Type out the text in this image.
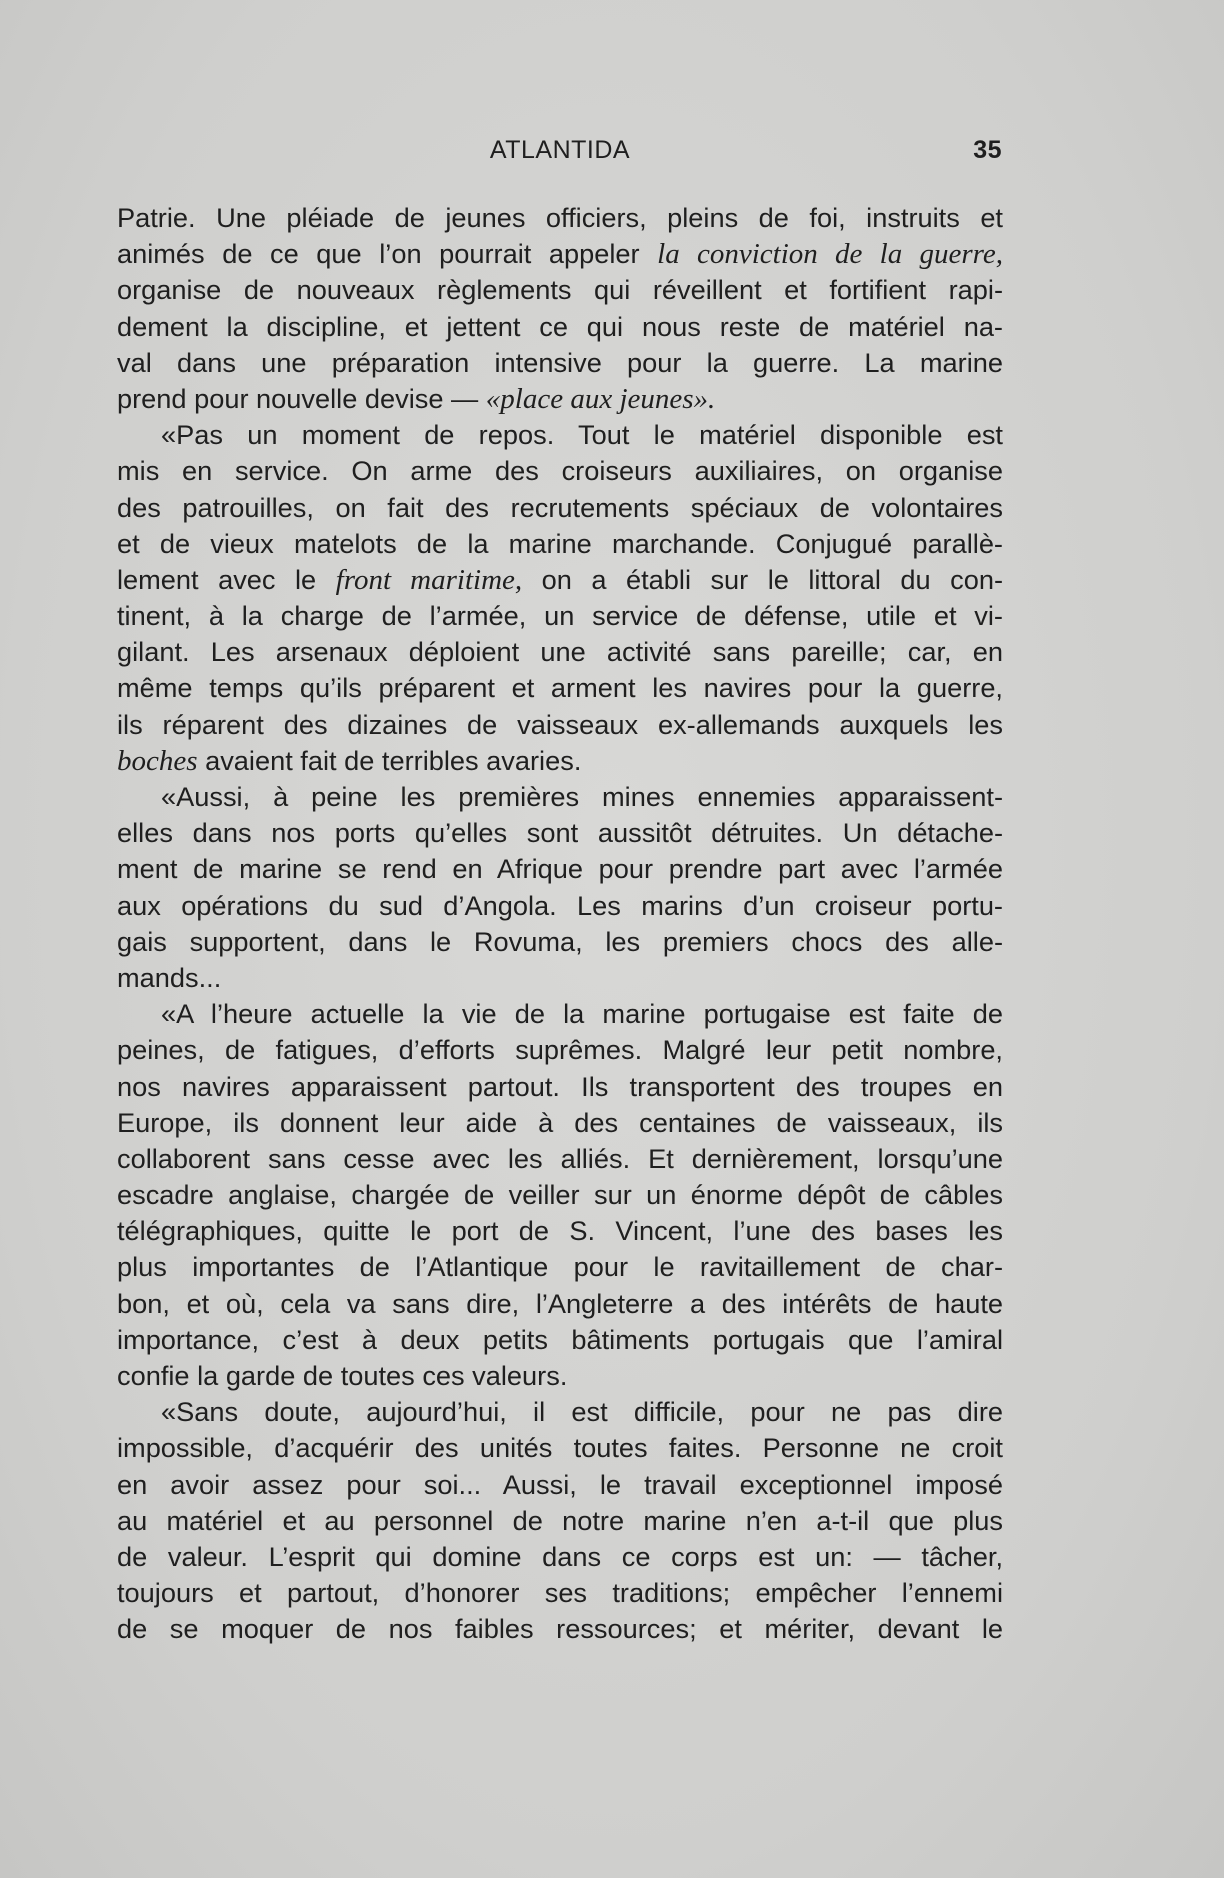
ATLANTIDA	35
Patrie. Une pléiade de jeunes officiers, pleins de foi, instruits et
animés de ce que l’on pourrait appeler la conviction de la guerre,
organise de nouveaux règlements qui réveillent et fortifient rapi-
dement la discipline, et jettent ce qui nous reste de matériel na-
val dans une préparation intensive pour la guerre. La marine
prend pour nouvelle devise — «place aux jeunes».
«Pas un moment de repos. Tout le matériel disponible est
mis en service. On arme des croiseurs auxiliaires, on organise
des patrouilles, on fait des recrutements spéciaux de volontaires
et de vieux matelots de la marine marchande. Conjugué parallè-
lement avec le front maritime, on a établi sur le littoral du con-
tinent, à la charge de l’armée, un service de défense, utile et vi-
gilant. Les arsenaux déploient une activité sans pareille; car, en
même temps qu’ils préparent et arment les navires pour la guerre,
ils réparent des dizaines de vaisseaux ex-allemands auxquels les
boches avaient fait de terribles avaries.
«Aussi, à peine les premières mines ennemies apparaissent-
elles dans nos ports qu’elles sont aussitôt détruites. Un détache-
ment de marine se rend en Afrique pour prendre part avec l’armée
aux opérations du sud d’Angola. Les marins d’un croiseur portu-
gais supportent, dans le Rovuma, les premiers chocs des alle-
mands...
«A l’heure actuelle la vie de la marine portugaise est faite de
peines, de fatigues, d’efforts suprêmes. Malgré leur petit nombre,
nos navires apparaissent partout. Ils transportent des troupes en
Europe, ils donnent leur aide à des centaines de vaisseaux, ils
collaborent sans cesse avec les alliés. Et dernièrement, lorsqu’une
escadre anglaise, chargée de veiller sur un énorme dépôt de câbles
télégraphiques, quitte le port de S. Vincent, l’une des bases les
plus importantes de l’Atlantique pour le ravitaillement de char-
bon, et où, cela va sans dire, l’Angleterre a des intérêts de haute
importance, c’est à deux petits bâtiments portugais que l’amiral
confie la garde de toutes ces valeurs.
«Sans doute, aujourd’hui, il est difficile, pour ne pas dire
impossible, d’acquérir des unités toutes faites. Personne ne croit
en avoir assez pour soi... Aussi, le travail exceptionnel imposé
au matériel et au personnel de notre marine n’en a-t-il que plus
de valeur. L’esprit qui domine dans ce corps est un: — tâcher,
toujours et partout, d’honorer ses traditions; empêcher l’ennemi
de se moquer de nos faibles ressources; et mériter, devant le
